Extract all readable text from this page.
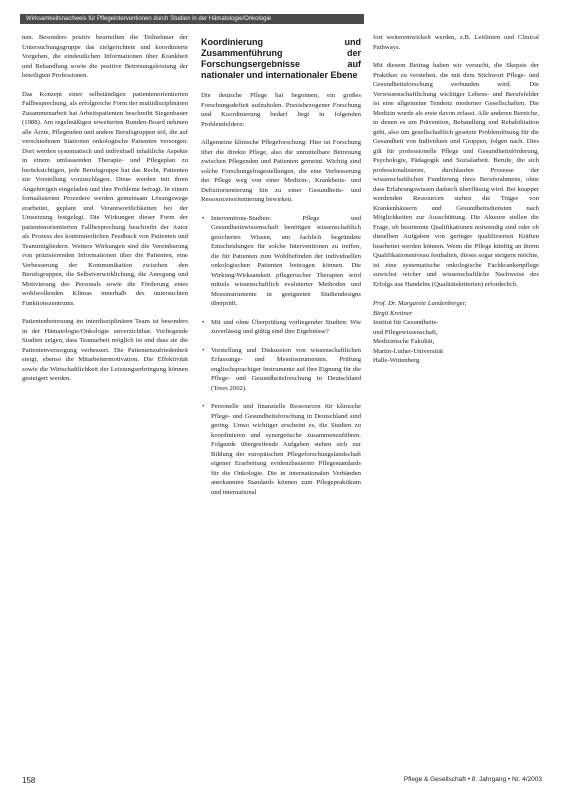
Wirksamkeitsnachweis für Pflegeinterventionen durch Studien in der Hämatologie/Onkologie

nen. Besonders positiv beurteilten die Teilnehmer der Untersuchungsgruppe das zielgerichtete und koordinierte Vorgehen, die eindeutlichen Informationen über Krankheit und Behandlung sowie die positive Betreuungsleistung der beteiligten Professionen.

Das Konzept einer selbständigen patientenorientierten Fallbesprechung, als erfolgreiche Form der multidisziplinären Zusammenarbeit hat Arbeitspatienten beschreibt Siegenbauer (1988). Am regelmäßigen erweiterten Runden-Board nehmen alle Ärzte, Pflegenden und andere Berufsgruppen teil, die auf verschiedenen Stationen onkologische Patienten versorgen. Dort werden systematisch und individuell inhaltliche Aspekte in einem umfassenden Therapie- und Pflegeplan zu berücksichtigen, jede Berufsgruppe hat das Recht, Patienten zur Vorstellung vorzuschlagen. Diese werden mit ihren Angehörigen eingeladen und ihre Probleme befragt. In einem formalisierten Prozedere werden gemeinsam Lösungswege erarbeitet, geplant und Verantwortlichkeiten bei der Umsetzung festgelegt. Die Wirkungen dieser Form der patientenorientierten Fallbesprechung beschreibt der Autor als Prozess des kontinuierlichen Feedback von Patienten und Teammitgliedern. Weitere Wirkungen sind die Vereinbarung von präzisierenden Informationen über die Patienten, eine Verbesserung der Kommunikation zwischen den Berufsgruppen, die Selbstverwirklichung, die Anregung und Motivierung des Personals sowie die Förderung eines wohlwollenden Klimas innerhalb des untersuchten Funktionszentrums.

Patientenbetreuung im interdisziplinären Team ist besonders in der Hämatologie/Onkologie unverzichtbar. Vorliegende Studien zeigen, dass Teamarbeit möglich ist und dass sie die Patientenversorgung verbessert. Die Patientenzufriedenheit steigt, ebenso die Mitarbeitermotivation. Die Effektivität sowie die Wirtschaftlichkeit der Leistungserbringung können gesteigert werden.

Koordinierung und Zusammenführung der Forschungsergebnisse auf nationaler und internationaler Ebene

Die deutsche Pflege hat begonnen, ein großes Forschungsdefizit aufzuholen. Praxisbezogener Forschung und Koordinierung bedarf liegt in folgenden Problemfeldern:

Allgemeine klinische Pflegeforschung: Hier ist Forschung über die direkte Pflege, also die unmittelbare Betreuung zwischen Pflegenden und Patienten gemeint. Wichtig sind solche Forschungsfragestellungen, die eine Verbesserung der Pflege weg von einer Medizin-, Krankheits- und Defizitorientierung hin zu einer Gesundheits- und Ressourcenorientierung bewirken.

• Interventions-Studien: Pflege und Gesundheitswissenschaft benötigen wissenschaftlich gesichertes Wissen, um fachlich begründete Entscheidungen für solche Interventionen zu treffen, die für Patienten zum Wohlbefinden der individuellen onkologischen Patienten beitragen können. Die Wirkung/Wirksamkeit pflegerischer Therapien wird mittels wissenschaftlich evaluierter Methoden und Messinstrumente in geeigneten Studiendesigns überprüft.
• Mit und ohne Überprüfung vorliegender Studien: Wie zuverlässig und gültig sind ihre Ergebnisse?
• Vorstellung und Diskussion von wissenschaftlichen Erfassungs- und Messinstrumenten. Prüfung englischsprachiger Instrumente auf ihre Eignung für die Pflege- und Gesundheitsforschung in Deutschland (Trees 2002).
• Personelle und finanzielle Ressourcen für klinische Pflege- und Gesundheitsforschung in Deutschland sind gering. Umso wichtiger erscheint es, die Studien zu koordinieren und synergetische zusammenzuführen. Folgende übergreifende Aufgaben stehen sich zur Bildung der europäischen Pflegeforschungslandschaft eigener Erarbeitung evidenzbasierter Pflegestandards für die Onkologie. Die in internationalen Verbänden anerkannten Standards können zum Pflegepraktikum und international

fort weiterentwickelt werden, z.B. Leitlinien und Clinical Pathways.

Mit diesem Beitrag haben wir versucht, die Skepsis der Praktiker zu verstehen, die mit dem Stichwort Pflege- und Gesundheitsforschung verbunden wird. Die Verwissenschaftlichung wichtiger Lebens- und Berufsfelder ist eine allgemeine Tendenz moderner Gesellschaften. Die Medizin wurde als erste davon erfasst. Alle anderen Bereiche, in denen es um Prävention, Behandlung und Rehabilitation geht, also um gesellschaftlich gesetzte Problemlösung für die Gesundheit von Individuen und Gruppen, folgen nach. Dies gilt für professionelle Pflege und Gesundheitsförderung, Psychologie, Pädagogik und Sozialarbeit. Berufe, die sich professionalisieren, durchlaufen Prozesse der wissenschaftlichen Fundierung ihres Berufsrahmens, ohne dass Erfahrungswissen dadurch überflüssig wird. Bei knapper werdenden Ressourcen stehen die Träger von Krankenhäusern und Gesundheitsdiensten nach Möglichkeiten zur Ausschüttung. Die Akteure stellen die Frage, ob bestimmte Qualifikationen notwendig sind oder ob dieselben Aufgaben von geringer qualifizierten Kräften bearbeitet werden können. Wenn die Pflege künftig an ihrem Qualifikationsniveau festhalten, dieses sogar steigern möchte, ist eine systematische onkologische Fachkrankenpflege zuwichst reicher und wissenschaftliche Nachweise des Erfolgs aus Handelns (Qualitätskriterien) erforderlich.

Prof. Dr. Margarete Landenberger,
Birgit Kreitner
Institut für Gesundheits-
und Pflegewissenschaft,
Medizinische Fakultät,
Martin-Luther-Universität
Halle-Wittenberg
158	Pflege & Gesellschaft • 8. Jahrgang • Nr. 4/2003
